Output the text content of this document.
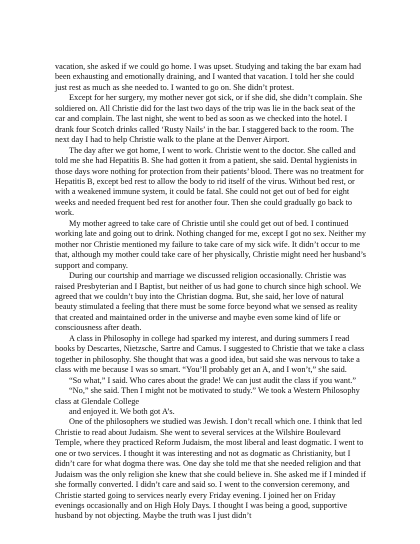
vacation, she asked if we could go home. I was upset. Studying and taking the bar exam had been exhausting and emotionally draining, and I wanted that vacation. I told her she could just rest as much as she needed to. I wanted to go on. She didn’t protest.

Except for her surgery, my mother never got sick, or if she did, she didn’t complain. She soldiered on. All Christie did for the last two days of the trip was lie in the back seat of the car and complain. The last night, she went to bed as soon as we checked into the hotel. I drank four Scotch drinks called ‘Rusty Nails’ in the bar. I staggered back to the room. The next day I had to help Christie walk to the plane at the Denver Airport.

The day after we got home, I went to work. Christie went to the doctor. She called and told me she had Hepatitis B. She had gotten it from a patient, she said. Dental hygienists in those days wore nothing for protection from their patients’ blood. There was no treatment for Hepatitis B, except bed rest to allow the body to rid itself of the virus. Without bed rest, or with a weakened immune system, it could be fatal. She could not get out of bed for eight weeks and needed frequent bed rest for another four. Then she could gradually go back to work.

My mother agreed to take care of Christie until she could get out of bed. I continued working late and going out to drink. Nothing changed for me, except I got no sex. Neither my mother nor Christie mentioned my failure to take care of my sick wife. It didn’t occur to me that, although my mother could take care of her physically, Christie might need her husband’s support and company.

During our courtship and marriage we discussed religion occasionally. Christie was raised Presbyterian and I Baptist, but neither of us had gone to church since high school. We agreed that we couldn’t buy into the Christian dogma. But, she said, her love of natural beauty stimulated a feeling that there must be some force beyond what we sensed as reality that created and maintained order in the universe and maybe even some kind of life or consciousness after death.

A class in Philosophy in college had sparked my interest, and during summers I read books by Descartes, Nietzsche, Sartre and Camus. I suggested to Christie that we take a class together in philosophy. She thought that was a good idea, but said she was nervous to take a class with me because I was so smart. “You’ll probably get an A, and I won’t,” she said.

“So what,” I said. Who cares about the grade! We can just audit the class if you want.”

“No,” she said. Then I might not be motivated to study.” We took a Western Philosophy class at Glendale College

and enjoyed it. We both got A’s.

One of the philosophers we studied was Jewish. I don’t recall which one. I think that led Christie to read about Judaism. She went to several services at the Wilshire Boulevard Temple, where they practiced Reform Judaism, the most liberal and least dogmatic. I went to one or two services. I thought it was interesting and not as dogmatic as Christianity, but I didn’t care for what dogma there was. One day she told me that she needed religion and that Judaism was the only religion she knew that she could believe in. She asked me if I minded if she formally converted. I didn’t care and said so. I went to the conversion ceremony, and Christie started going to services nearly every Friday evening. I joined her on Friday evenings occasionally and on High Holy Days. I thought I was being a good, supportive husband by not objecting. Maybe the truth was I just didn’t
